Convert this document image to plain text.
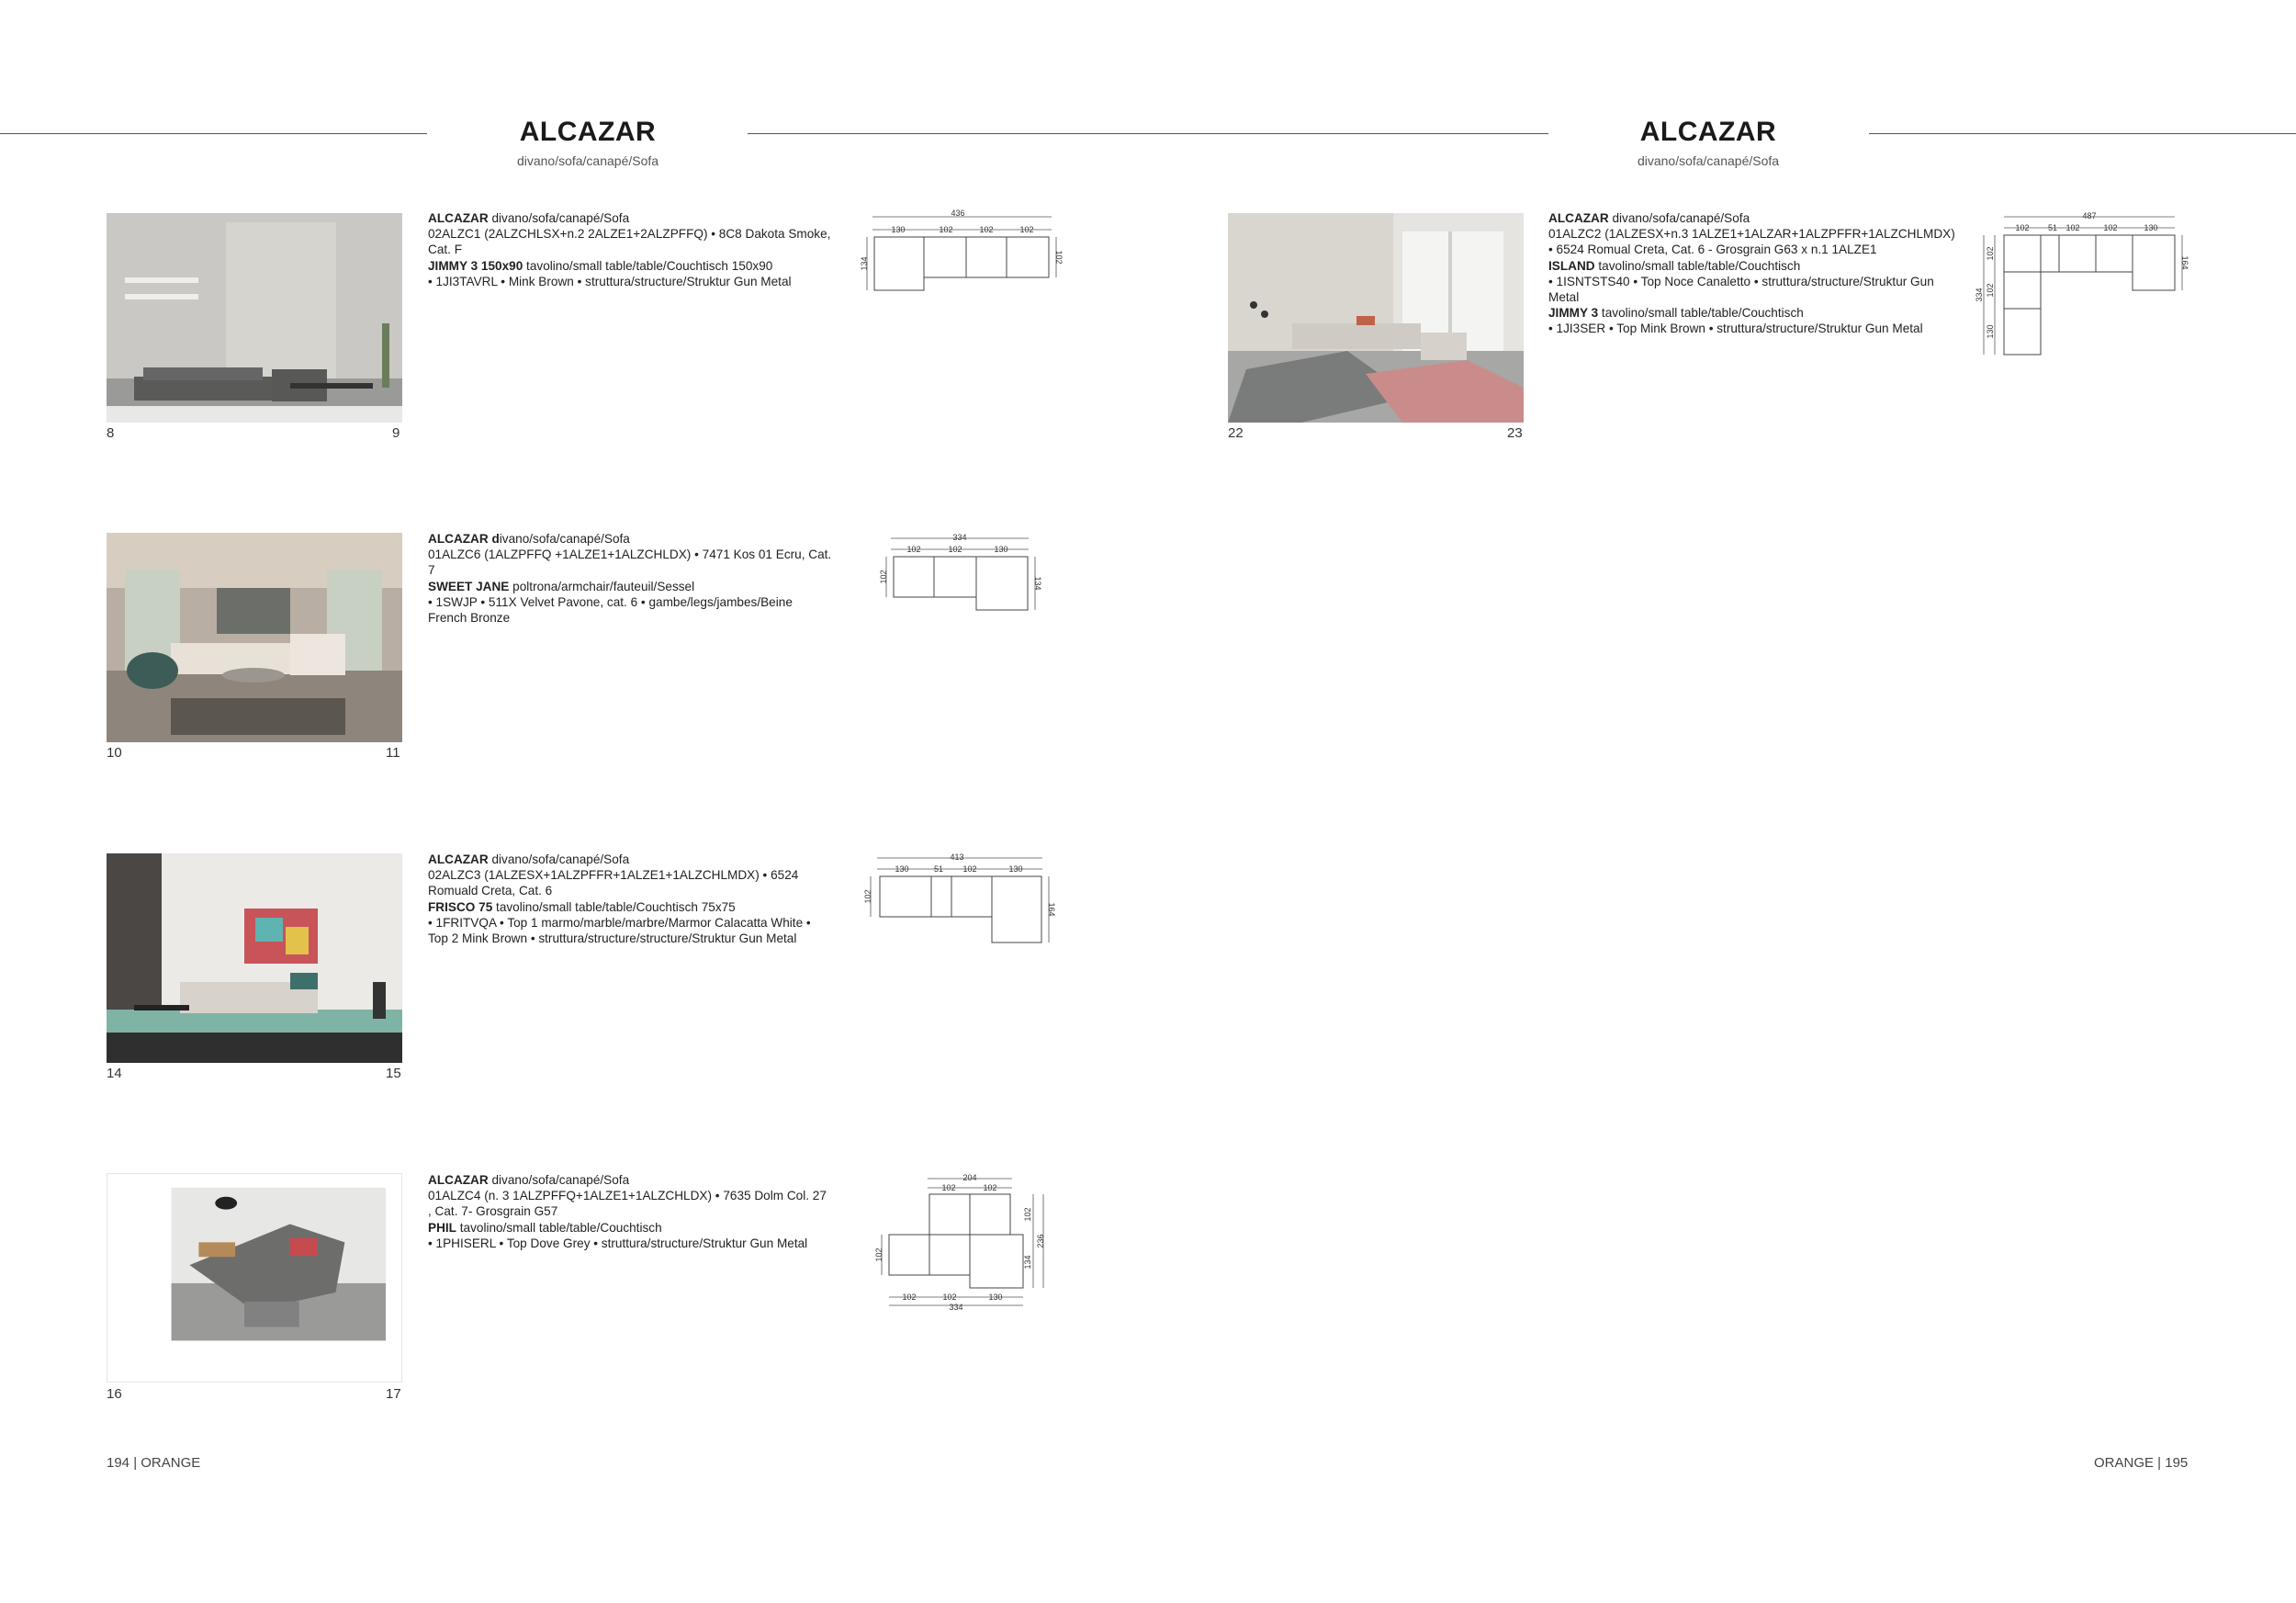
ALCAZAR
divano/sofa/canapé/Sofa
ALCAZAR
divano/sofa/canapé/Sofa
8	9

ALCAZAR divano/sofa/canapé/Sofa

02ALZC1 (2ALZCHLSX+n.2 2ALZE1+2ALZPFFQ) • 8C8 Dakota Smoke, Cat. F

JIMMY 3 150x90 tavolino/small table/table/Couchtisch 150x90

• 1JI3TAVRL • Mink Brown • struttura/structure/Struktur Gun Metal

436
130	102	102	102
134	102
10	11

ALCAZAR divano/sofa/canapé/Sofa

01ALZC6 (1ALZPFFQ +1ALZE1+1ALZCHLDX) • 7471 Kos 01 Ecru, Cat. 7

SWEET JANE poltrona/armchair/fauteuil/Sessel

• 1SWJP • 511X Velvet Pavone, cat. 6 • gambe/legs/jambes/Beine French Bronze

334
102	102	130
102	134
14	15

ALCAZAR divano/sofa/canapé/Sofa

02ALZC3 (1ALZESX+1ALZPFFR+1ALZE1+1ALZCHLMDX) • 6524 Romuald Creta, Cat. 6

FRISCO 75 tavolino/small table/table/Couchtisch 75x75

• 1FRITVQA • Top 1 marmo/marble/marbre/Marmor Calacatta White • Top 2 Mink Brown • struttura/structure/structure/Struktur Gun Metal

413
130	51 102	130
102
164
16	17

ALCAZAR divano/sofa/canapé/Sofa

01ALZC4 (n. 3 1ALZPFFQ+1ALZE1+1ALZCHLDX) • 7635 Dolm Col. 27 , Cat. 7- Grosgrain G57

PHIL tavolino/small table/table/Couchtisch

• 1PHISERL • Top Dove Grey • struttura/structure/Struktur Gun Metal

204
102	102
102
102
134
236
102	102	130
334
22	23

ALCAZAR divano/sofa/canapé/Sofa

01ALZC2 (1ALZESX+n.3 1ALZE1+1ALZAR+1ALZPFFR+1ALZCHLMDX) • 6524 Romual Creta, Cat. 6 - Grosgrain G63 x n.1 1ALZE1

ISLAND tavolino/small table/table/Couchtisch

• 1ISNTSTS40 • Top Noce Canaletto • struttura/structure/Struktur Gun Metal

JIMMY 3 tavolino/small table/table/Couchtisch

• 1JI3SER • Top Mink Brown • struttura/structure/Struktur Gun Metal

487
102 51 102	102	130
164
334
102
102
130
194 | ORANGE	ORANGE | 195
